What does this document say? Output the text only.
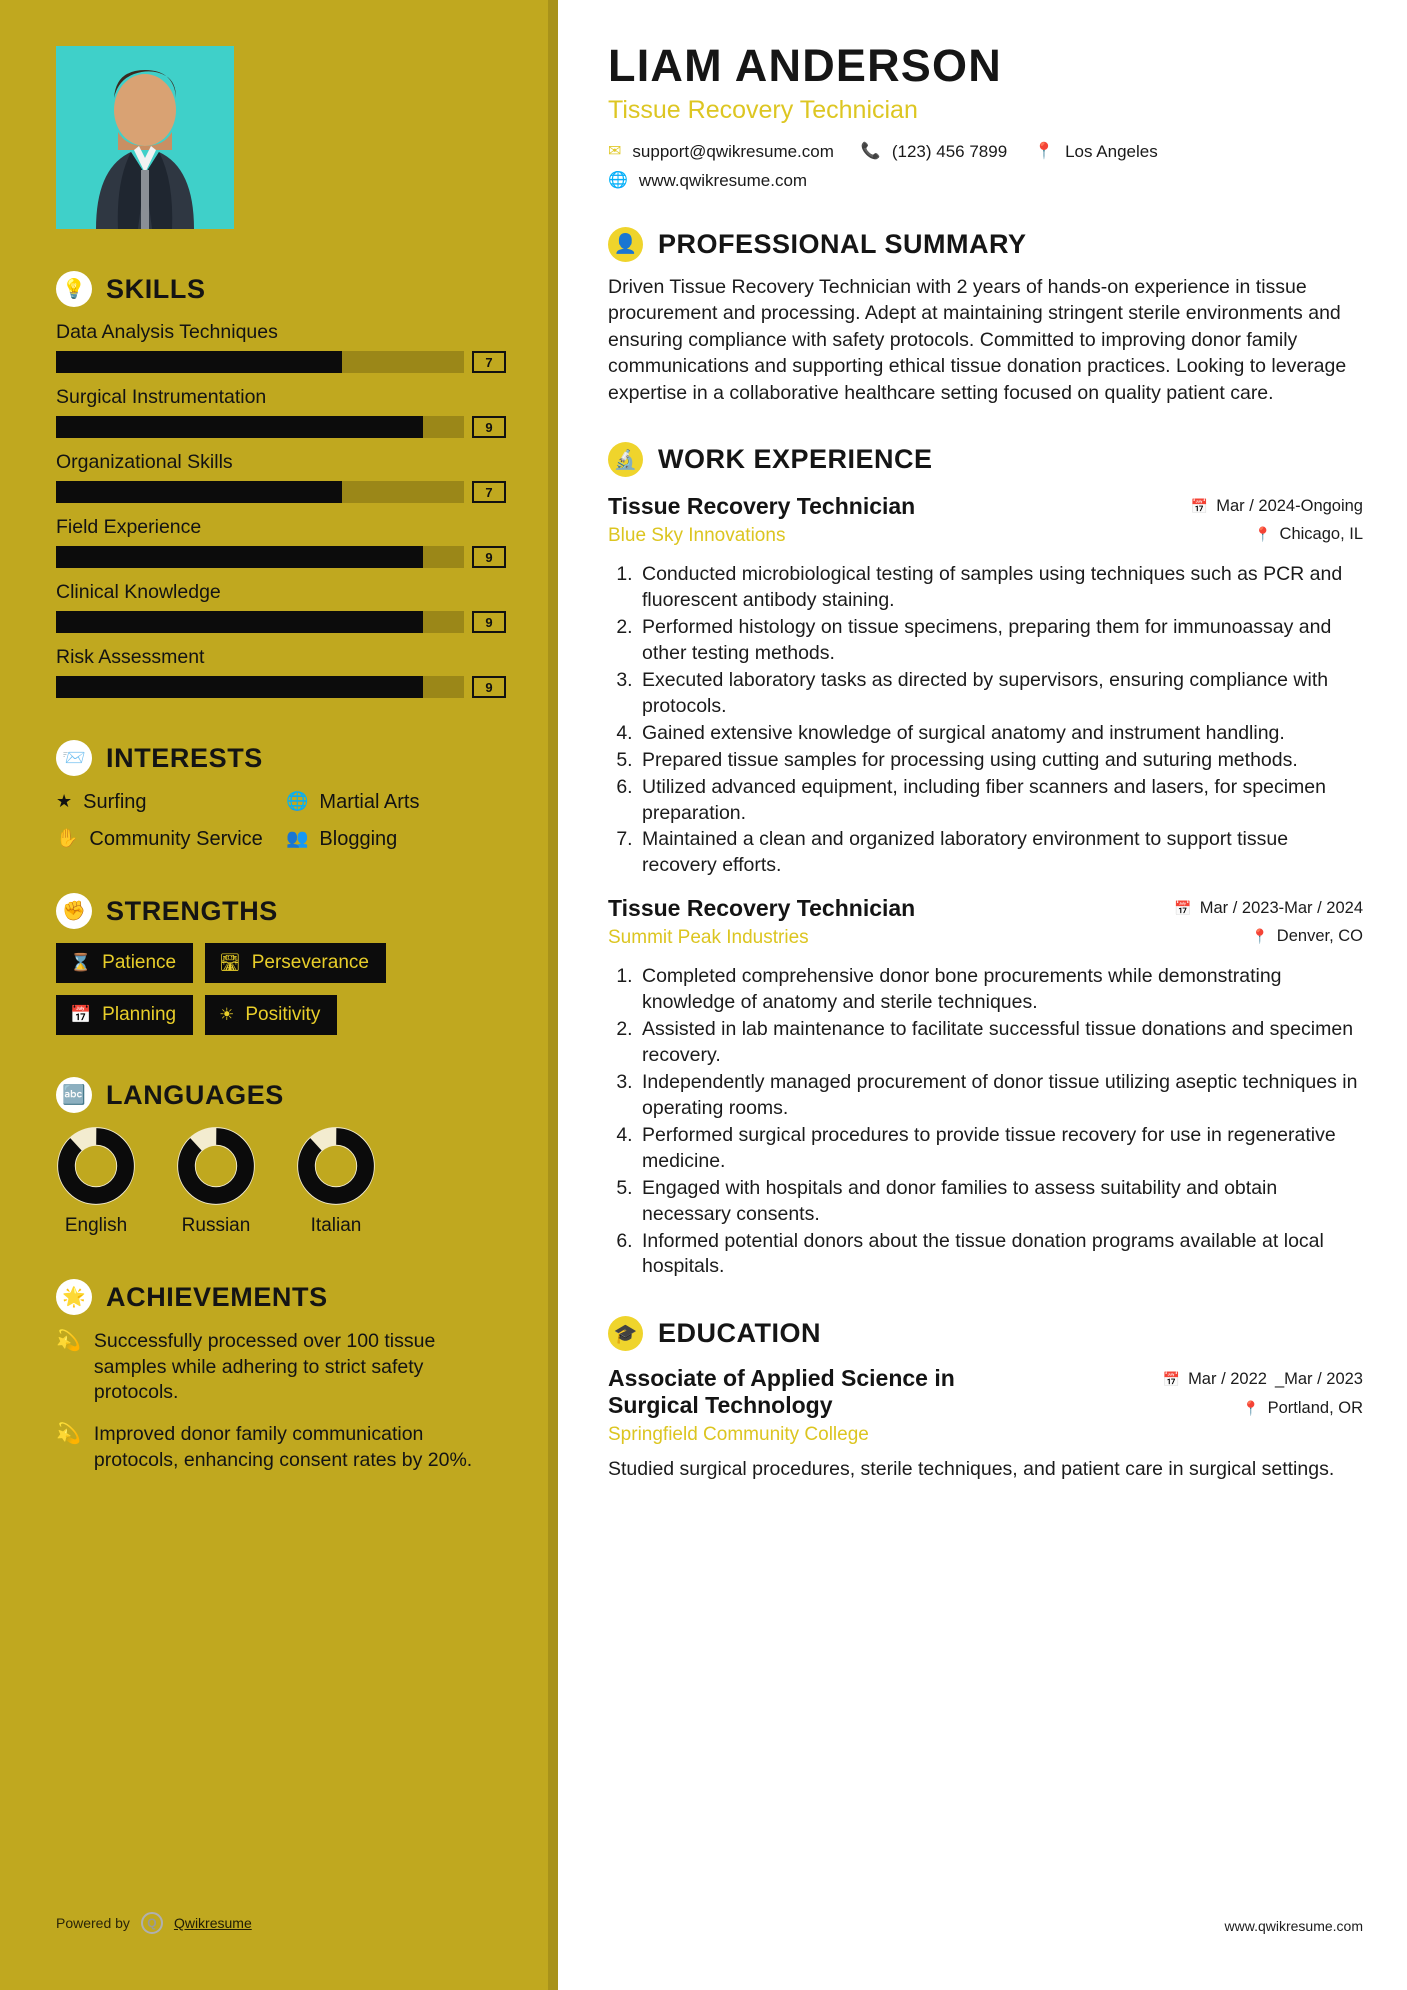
💡 SKILLS
Data Analysis Techniques
7
Surgical Instrumentation
9
Organizational Skills
7
Field Experience
9
Clinical Knowledge
9
Risk Assessment
9
📨 INTERESTS
★ Surfing	🌐 Martial Arts
✋ Community Service 👥 Blogging
✊ STRENGTHS
⌛ Patience	🛣 Perseverance
📅 Planning	☀ Positivity
🔤 LANGUAGES
English	Russian	Italian
🌟 ACHIEVEMENTS
💫 Successfully processed over 100 tissue samples while adhering to strict safety protocols.
💫 Improved donor family communication protocols, enhancing consent rates by 20%.
Powered by	Q	Qwikresume
LIAM ANDERSON
Tissue Recovery Technician
✉ support@qwikresume.com 📞 (123) 456 7899 📍 Los Angeles
🌐 www.qwikresume.com
👤 PROFESSIONAL SUMMARY

Driven Tissue Recovery Technician with 2 years of hands-on experience in tissue procurement and processing. Adept at maintaining stringent sterile environments and ensuring compliance with safety protocols. Committed to improving donor family communications and supporting ethical tissue donation practices. Looking to leverage expertise in a collaborative healthcare setting focused on quality patient care.

🔬 WORK EXPERIENCE
Tissue Recovery Technician
Blue Sky Innovations
📅 Mar / 2024-Ongoing
📍 Chicago, IL
1. Conducted microbiological testing of samples using techniques such as PCR and fluorescent antibody staining.
2. Performed histology on tissue specimens, preparing them for immunoassay and other testing methods.
3. Executed laboratory tasks as directed by supervisors, ensuring compliance with protocols.
4. Gained extensive knowledge of surgical anatomy and instrument handling.
5. Prepared tissue samples for processing using cutting and suturing methods.
6. Utilized advanced equipment, including fiber scanners and lasers, for specimen preparation.
7. Maintained a clean and organized laboratory environment to support tissue recovery efforts.
Tissue Recovery Technician
Summit Peak Industries
📅 Mar / 2023-Mar / 2024
📍 Denver, CO
1. Completed comprehensive donor bone procurements while demonstrating knowledge of anatomy and sterile techniques.
2. Assisted in lab maintenance to facilitate successful tissue donations and specimen recovery.
3. Independently managed procurement of donor tissue utilizing aseptic techniques in operating rooms.
4. Performed surgical procedures to provide tissue recovery for use in regenerative medicine.
5. Engaged with hospitals and donor families to assess suitability and obtain necessary consents.
6. Informed potential donors about the tissue donation programs available at local hospitals.
🎓 EDUCATION
Associate of Applied Science in Surgical Technology
Springfield Community College
📅 Mar / 2022 _Mar / 2023
📍 Portland, OR

Studied surgical procedures, sterile techniques, and patient care in surgical settings.

www.qwikresume.com
